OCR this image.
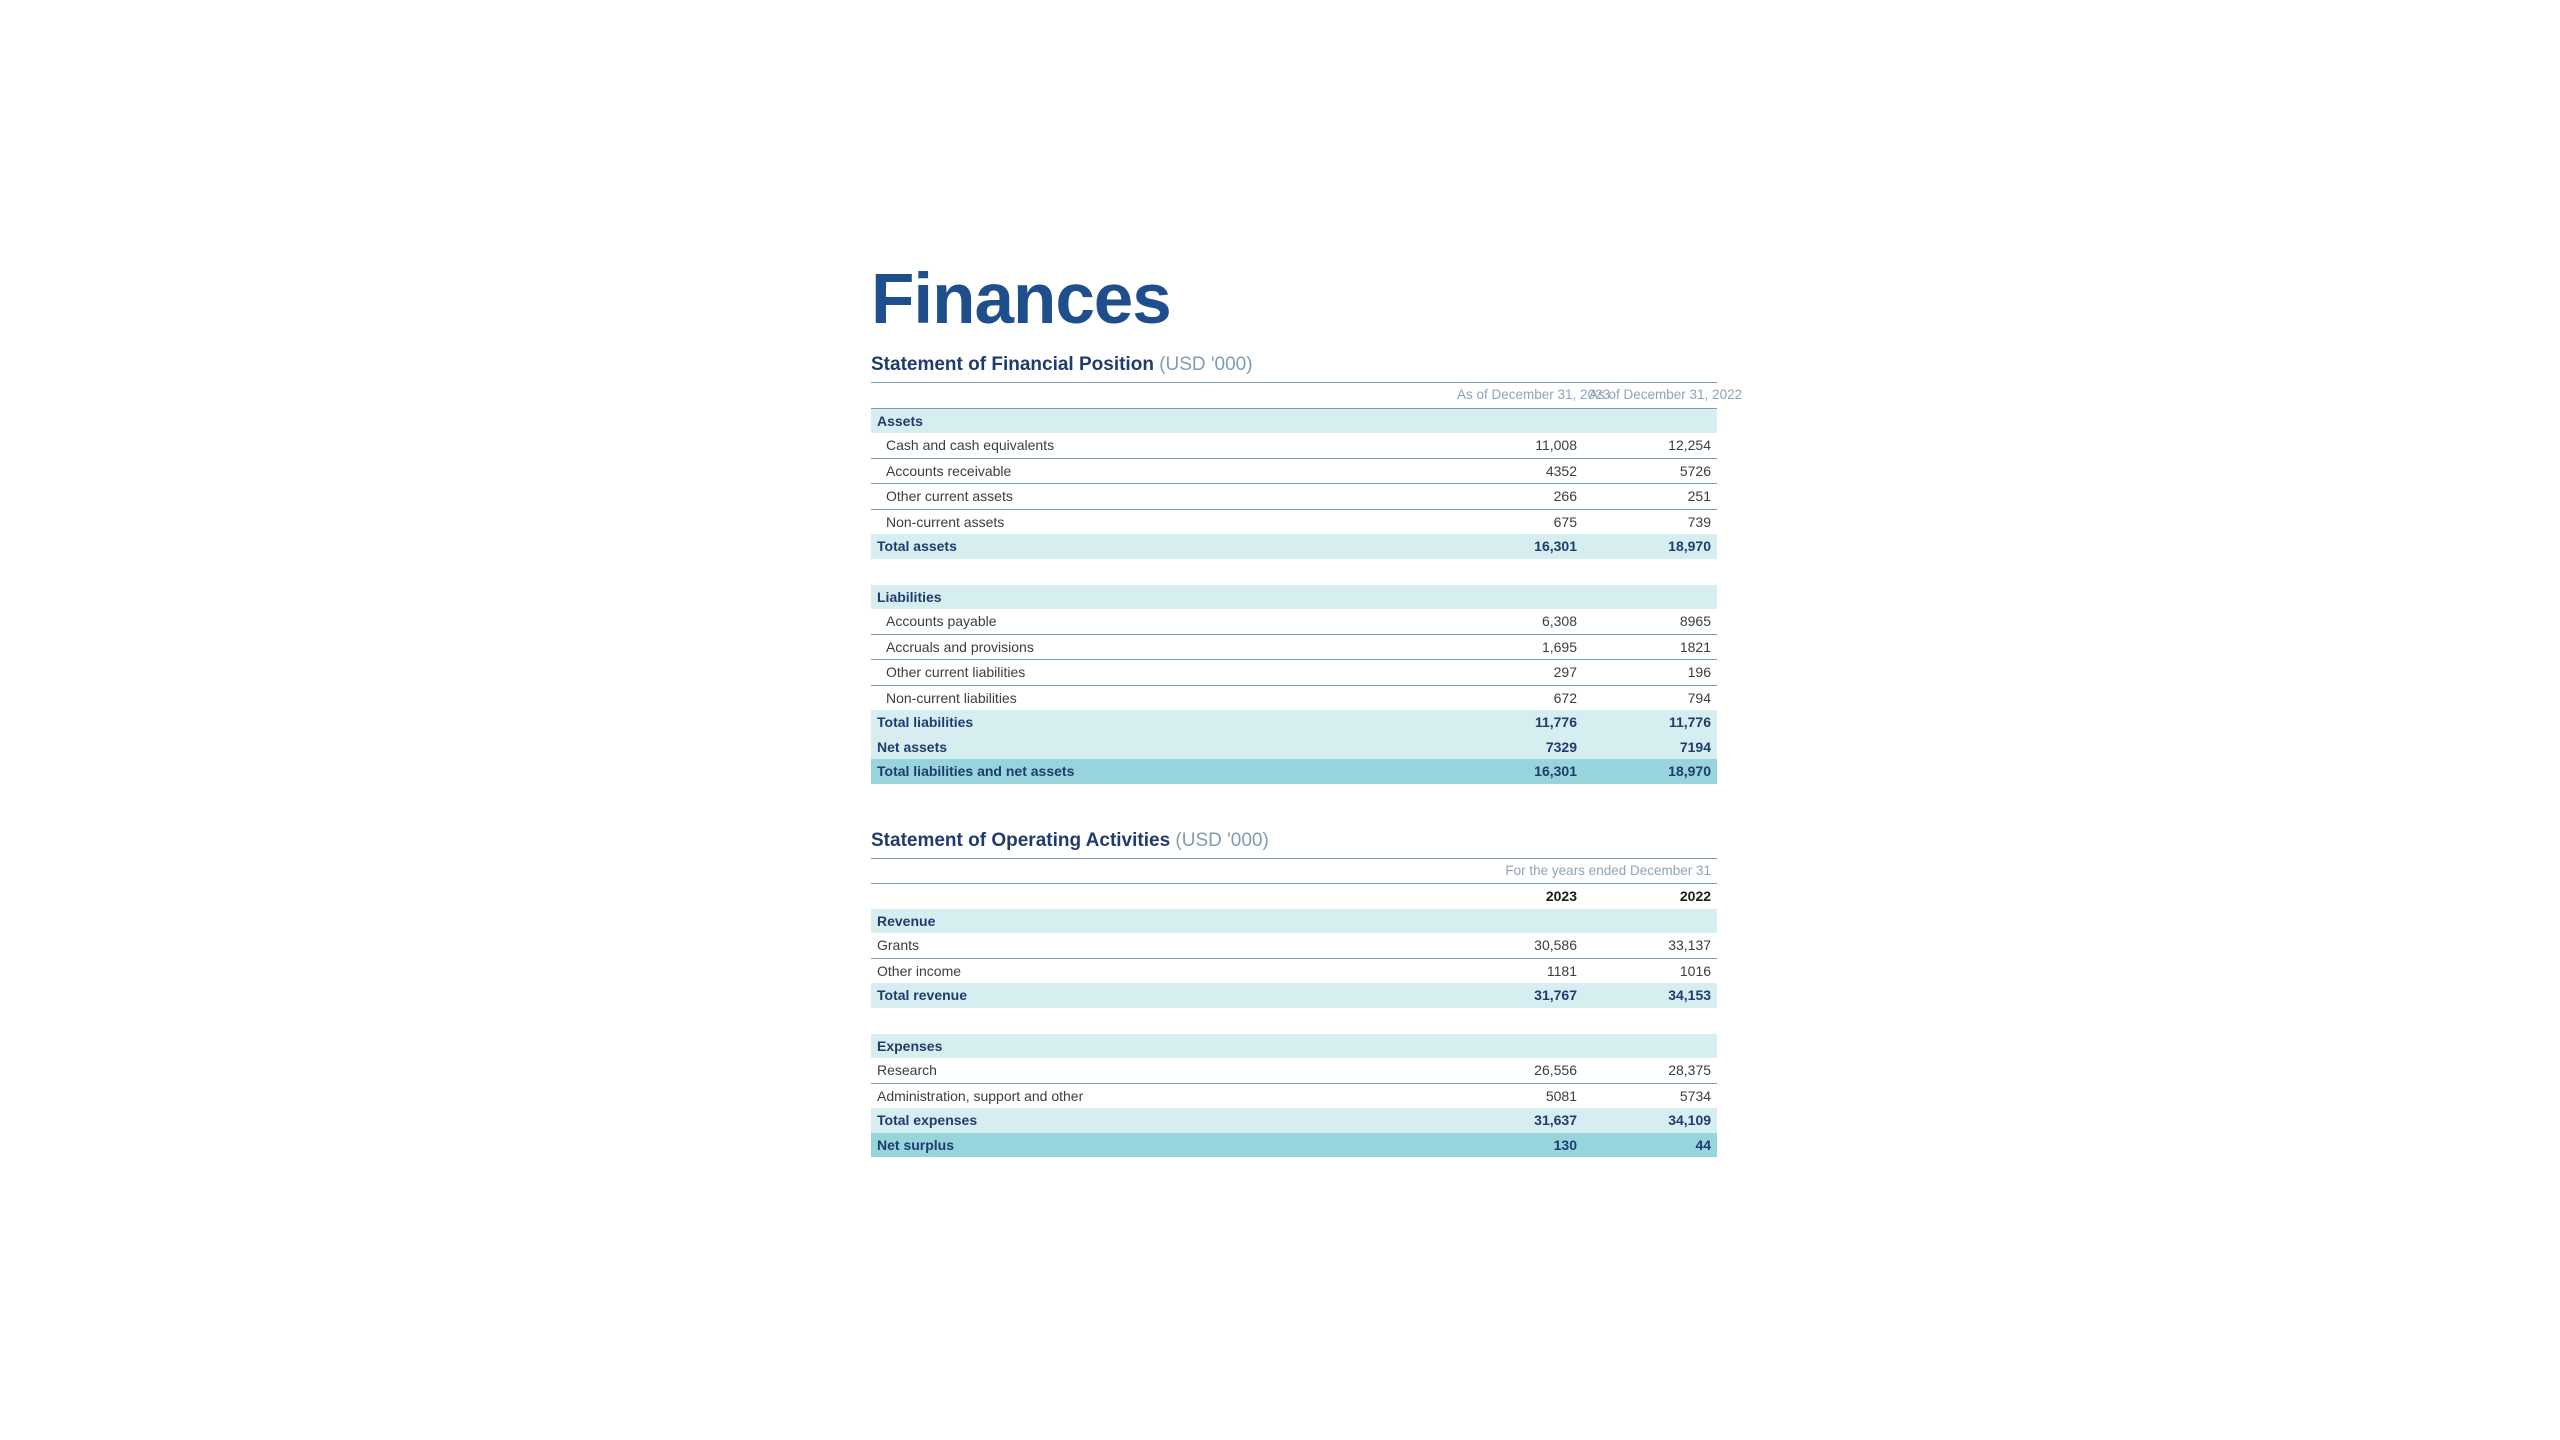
Finances
Statement of Financial Position (USD '000)
	As of December 31, 2023	As of December 31, 2022
Assets		
Cash and cash equivalents	11,008	12,254
Accounts receivable	4352	5726
Other current assets	266	251
Non-current assets	675	739
Total assets	16,301	18,970

Liabilities		
Accounts payable	6,308	8965
Accruals and provisions	1,695	1821
Other current liabilities	297	196
Non-current liabilities	672	794
Total liabilities	11,776	11,776
Net assets	7329	7194
Total liabilities and net assets	16,301	18,970
Statement of Operating Activities (USD '000)
For the years ended December 31		
	2023	2022
Revenue		
Grants	30,586	33,137
Other income	1181	1016
Total revenue	31,767	34,153

Expenses		
Research	26,556	28,375
Administration, support and other	5081	5734
Total expenses	31,637	34,109
Net surplus	130	44
